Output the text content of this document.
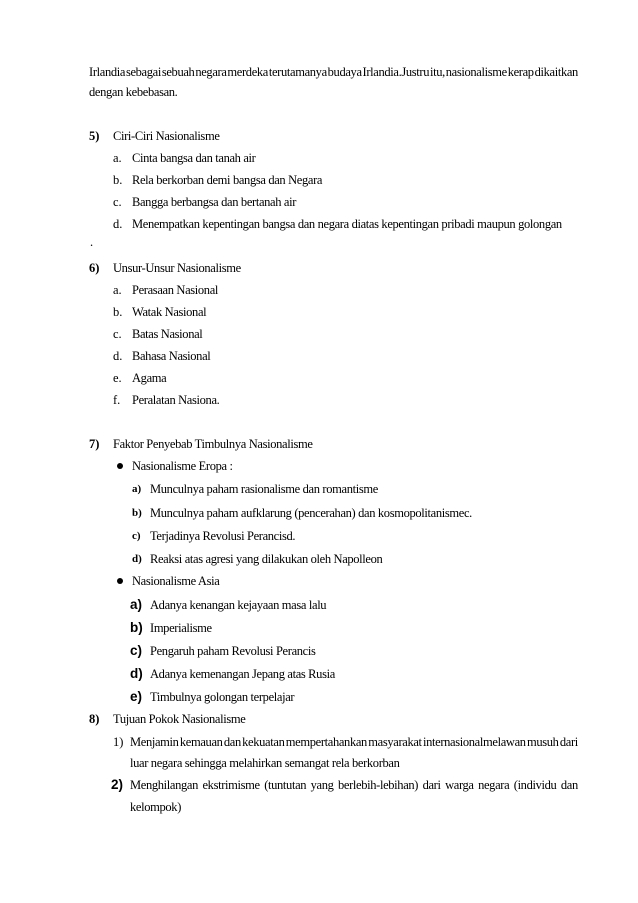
Irlandia sebagai sebuah negara merdeka terutamanya budaya Irlandia.Justru itu, nasionalisme kerap dikaitkan
dengan kebebasan.
5) Ciri-Ciri Nasionalisme
a. Cinta bangsa dan tanah air
b. Rela berkorban demi bangsa dan Negara
c. Bangga berbangsa dan bertanah air
d. Menempatkan kepentingan bangsa dan negara diatas kepentingan pribadi maupun golongan
.
6) Unsur-Unsur Nasionalisme
a. Perasaan Nasional
b. Watak Nasional
c. Batas Nasional
d. Bahasa Nasional
e. Agama
f. Peralatan Nasiona.
7) Faktor Penyebab Timbulnya Nasionalisme
Nasionalisme Eropa :
a) Munculnya paham rasionalisme dan romantisme
b) Munculnya paham aufklarung (pencerahan) dan kosmopolitanismec.
c) Terjadinya Revolusi Perancisd.
d) Reaksi atas agresi yang dilakukan oleh Napolleon
Nasionalisme Asia
a) Adanya kenangan kejayaan masa lalu
b) Imperialisme
c) Pengaruh paham Revolusi Perancis
d) Adanya kemenangan Jepang atas Rusia
e) Timbulnya golongan terpelajar
8) Tujuan Pokok Nasionalisme
1) Menjamin kemauan dan kekuatan mempertahankan masyarakat internasionalmelawan musuh dari
luar negara sehingga melahirkan semangat rela berkorban
2) Menghilangan ekstrimisme (tuntutan yang berlebih-lebihan) dari warga negara (individu dan
kelompok)
